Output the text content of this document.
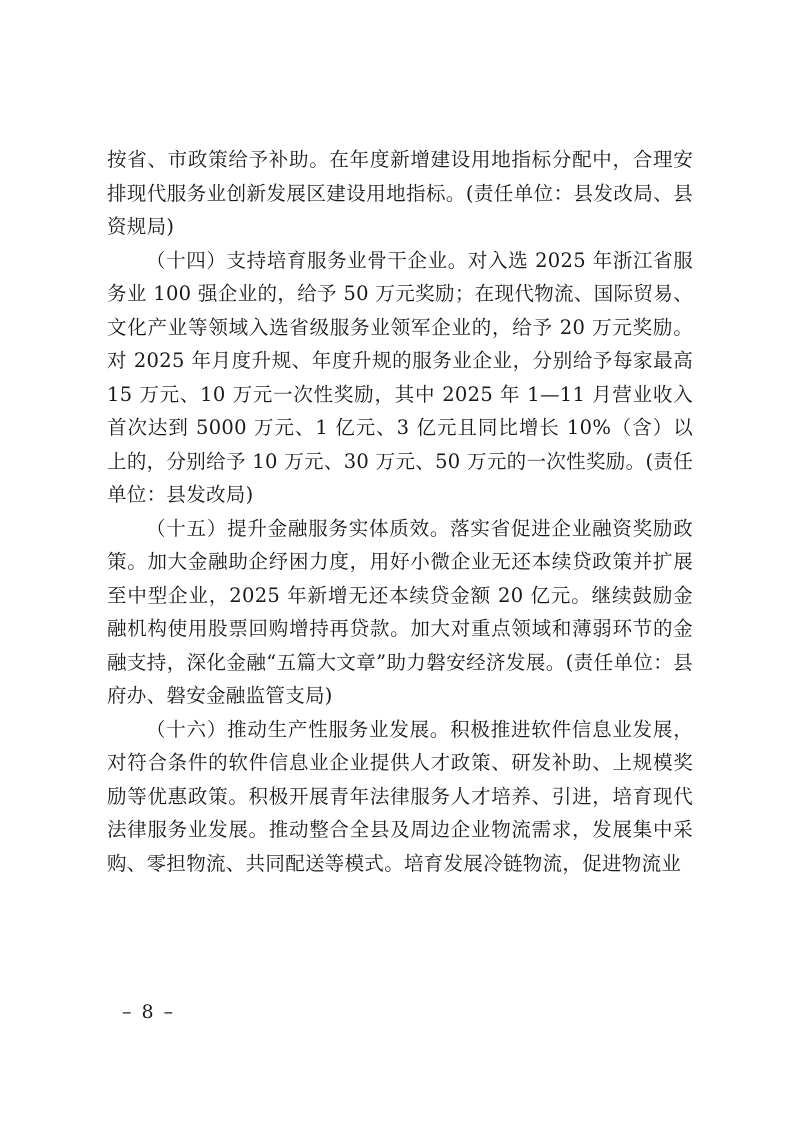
按省、市政策给予补助。在年度新增建设用地指标分配中，合理安排现代服务业创新发展区建设用地指标。(责任单位：县发改局、县资规局)

（十四）支持培育服务业骨干企业。对入选 2025 年浙江省服务业 100 强企业的，给予 50 万元奖励；在现代物流、国际贸易、文化产业等领域入选省级服务业领军企业的，给予 20 万元奖励。对 2025 年月度升规、年度升规的服务业企业，分别给予每家最高 15 万元、10 万元一次性奖励，其中 2025 年 1—11 月营业收入首次达到 5000 万元、1 亿元、3 亿元且同比增长 10%（含）以上的，分别给予 10 万元、30 万元、50 万元的一次性奖励。(责任单位：县发改局)

（十五）提升金融服务实体质效。落实省促进企业融资奖励政策。加大金融助企纾困力度，用好小微企业无还本续贷政策并扩展至中型企业，2025 年新增无还本续贷金额 20 亿元。继续鼓励金融机构使用股票回购增持再贷款。加大对重点领域和薄弱环节的金融支持，深化金融“五篇大文章”助力磐安经济发展。(责任单位：县府办、磐安金融监管支局)

（十六）推动生产性服务业发展。积极推进软件信息业发展，对符合条件的软件信息业企业提供人才政策、研发补助、上规模奖励等优惠政策。积极开展青年法律服务人才培养、引进，培育现代法律服务业发展。推动整合全县及周边企业物流需求，发展集中采购、零担物流、共同配送等模式。培育发展冷链物流，促进物流业

– 8 –
